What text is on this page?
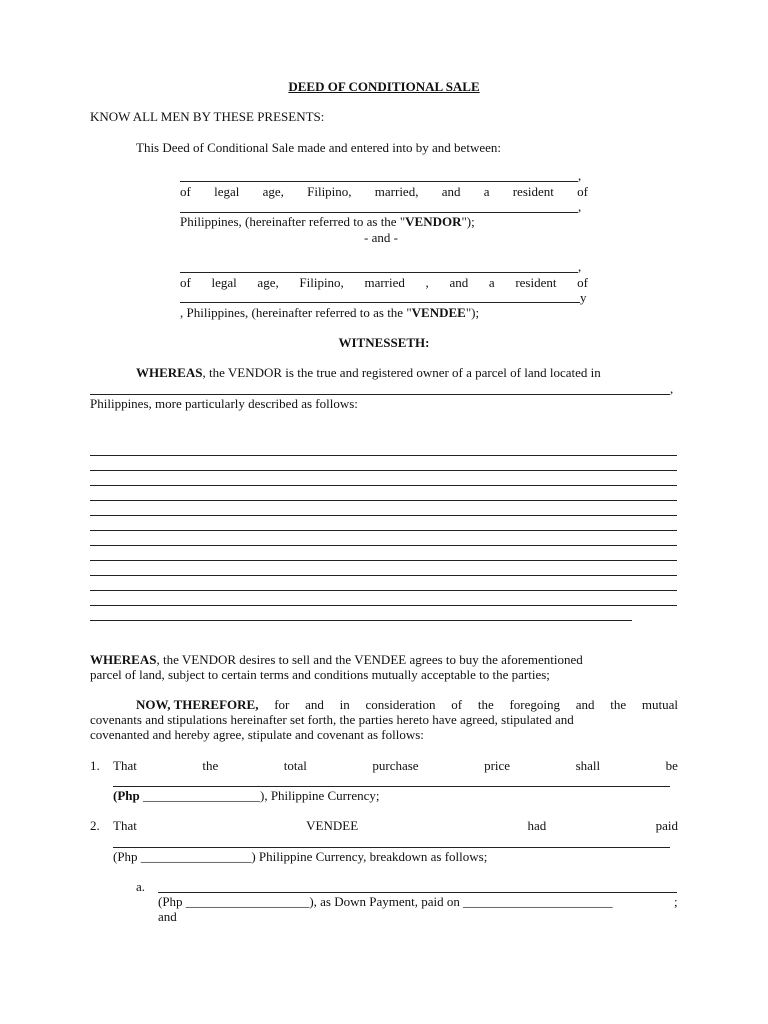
DEED OF CONDITIONAL SALE
KNOW ALL MEN BY THESE PRESENTS:
This Deed of Conditional Sale made and entered into by and between:
,
of legal age, Filipino, married, and a resident of
,
Philippines, (hereinafter referred to as the "VENDOR");
- and -
,
of legal age, Filipino, married , and a resident of
y
, Philippines, (hereinafter referred to as the "VENDEE");
WITNESSETH:
WHEREAS, the VENDOR is the true and registered owner of a parcel of land located in
,
Philippines, more particularly described as follows:
WHEREAS, the VENDOR desires to sell and the VENDEE agrees to buy the aforementioned
parcel of land, subject to certain terms and conditions mutually acceptable to the parties;
NOW, THEREFORE, for and in consideration of the foregoing and the mutual
covenants and stipulations hereinafter set forth, the parties hereto have agreed, stipulated and
covenanted and hereby agree, stipulate and covenant as follows:
1. That	the	total	purchase	price	shall	be
(Php __________________), Philippine Currency;
2. That	VENDEE	had	paid
(Php _________________) Philippine Currency, breakdown as follows;
a.
(Php ___________________), as Down Payment, paid on _______________________	;
and
